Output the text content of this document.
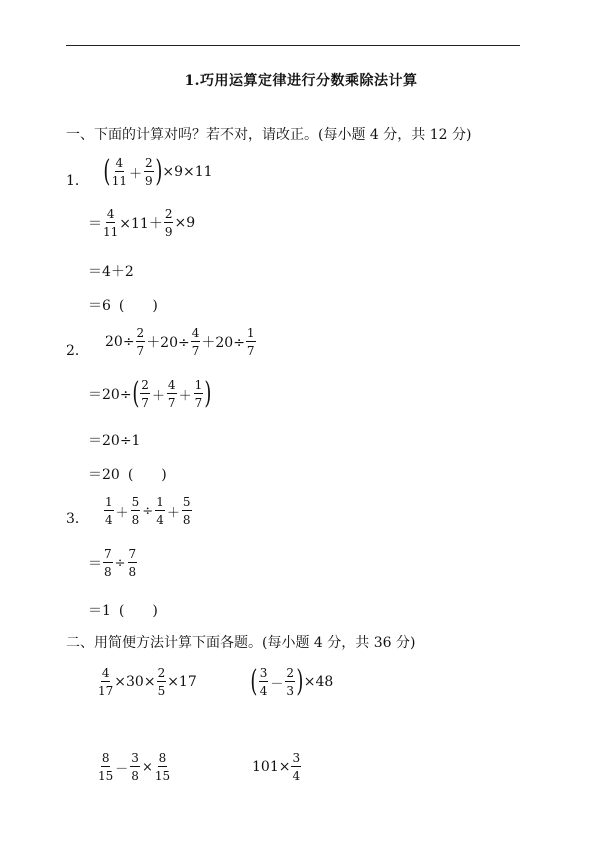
1.巧用运算定律进行分数乘除法计算
一、下面的计算对吗？若不对，请改正。(每小题 4 分，共 12 分)
1． ( $\frac{4}{11} + \frac{2}{9}$ ) ×9×11
＝ $\frac{4}{11} \times 11+ \frac{2}{9} \times 9$
＝4＋2
＝6 (　　)
2．
$20\div \frac{2}{7} +20\div \frac{4}{7} +20\div \frac{1}{7}$
＝20÷ ( $\frac{2}{7} + \frac{4}{7} + \frac{1}{7}$ )
＝20÷1
＝20 (　　)
3． $\frac{1}{4} + \frac{5}{8} \div \frac{1}{4} + \frac{5}{8}$
＝ $\frac{7}{8} \div \frac{7}{8}$
＝1 (　　)
二、用简便方法计算下面各题。(每小题 4 分，共 36 分)
$\frac{4}{17} \times 30\times \frac{2}{5} \times 17$ ( $\frac{3}{4} - \frac{2}{3}$ ) ×48
$\frac{8}{15} - \frac{3}{8} \times \frac{8}{15}$	$101\times \frac{3}{4}$
